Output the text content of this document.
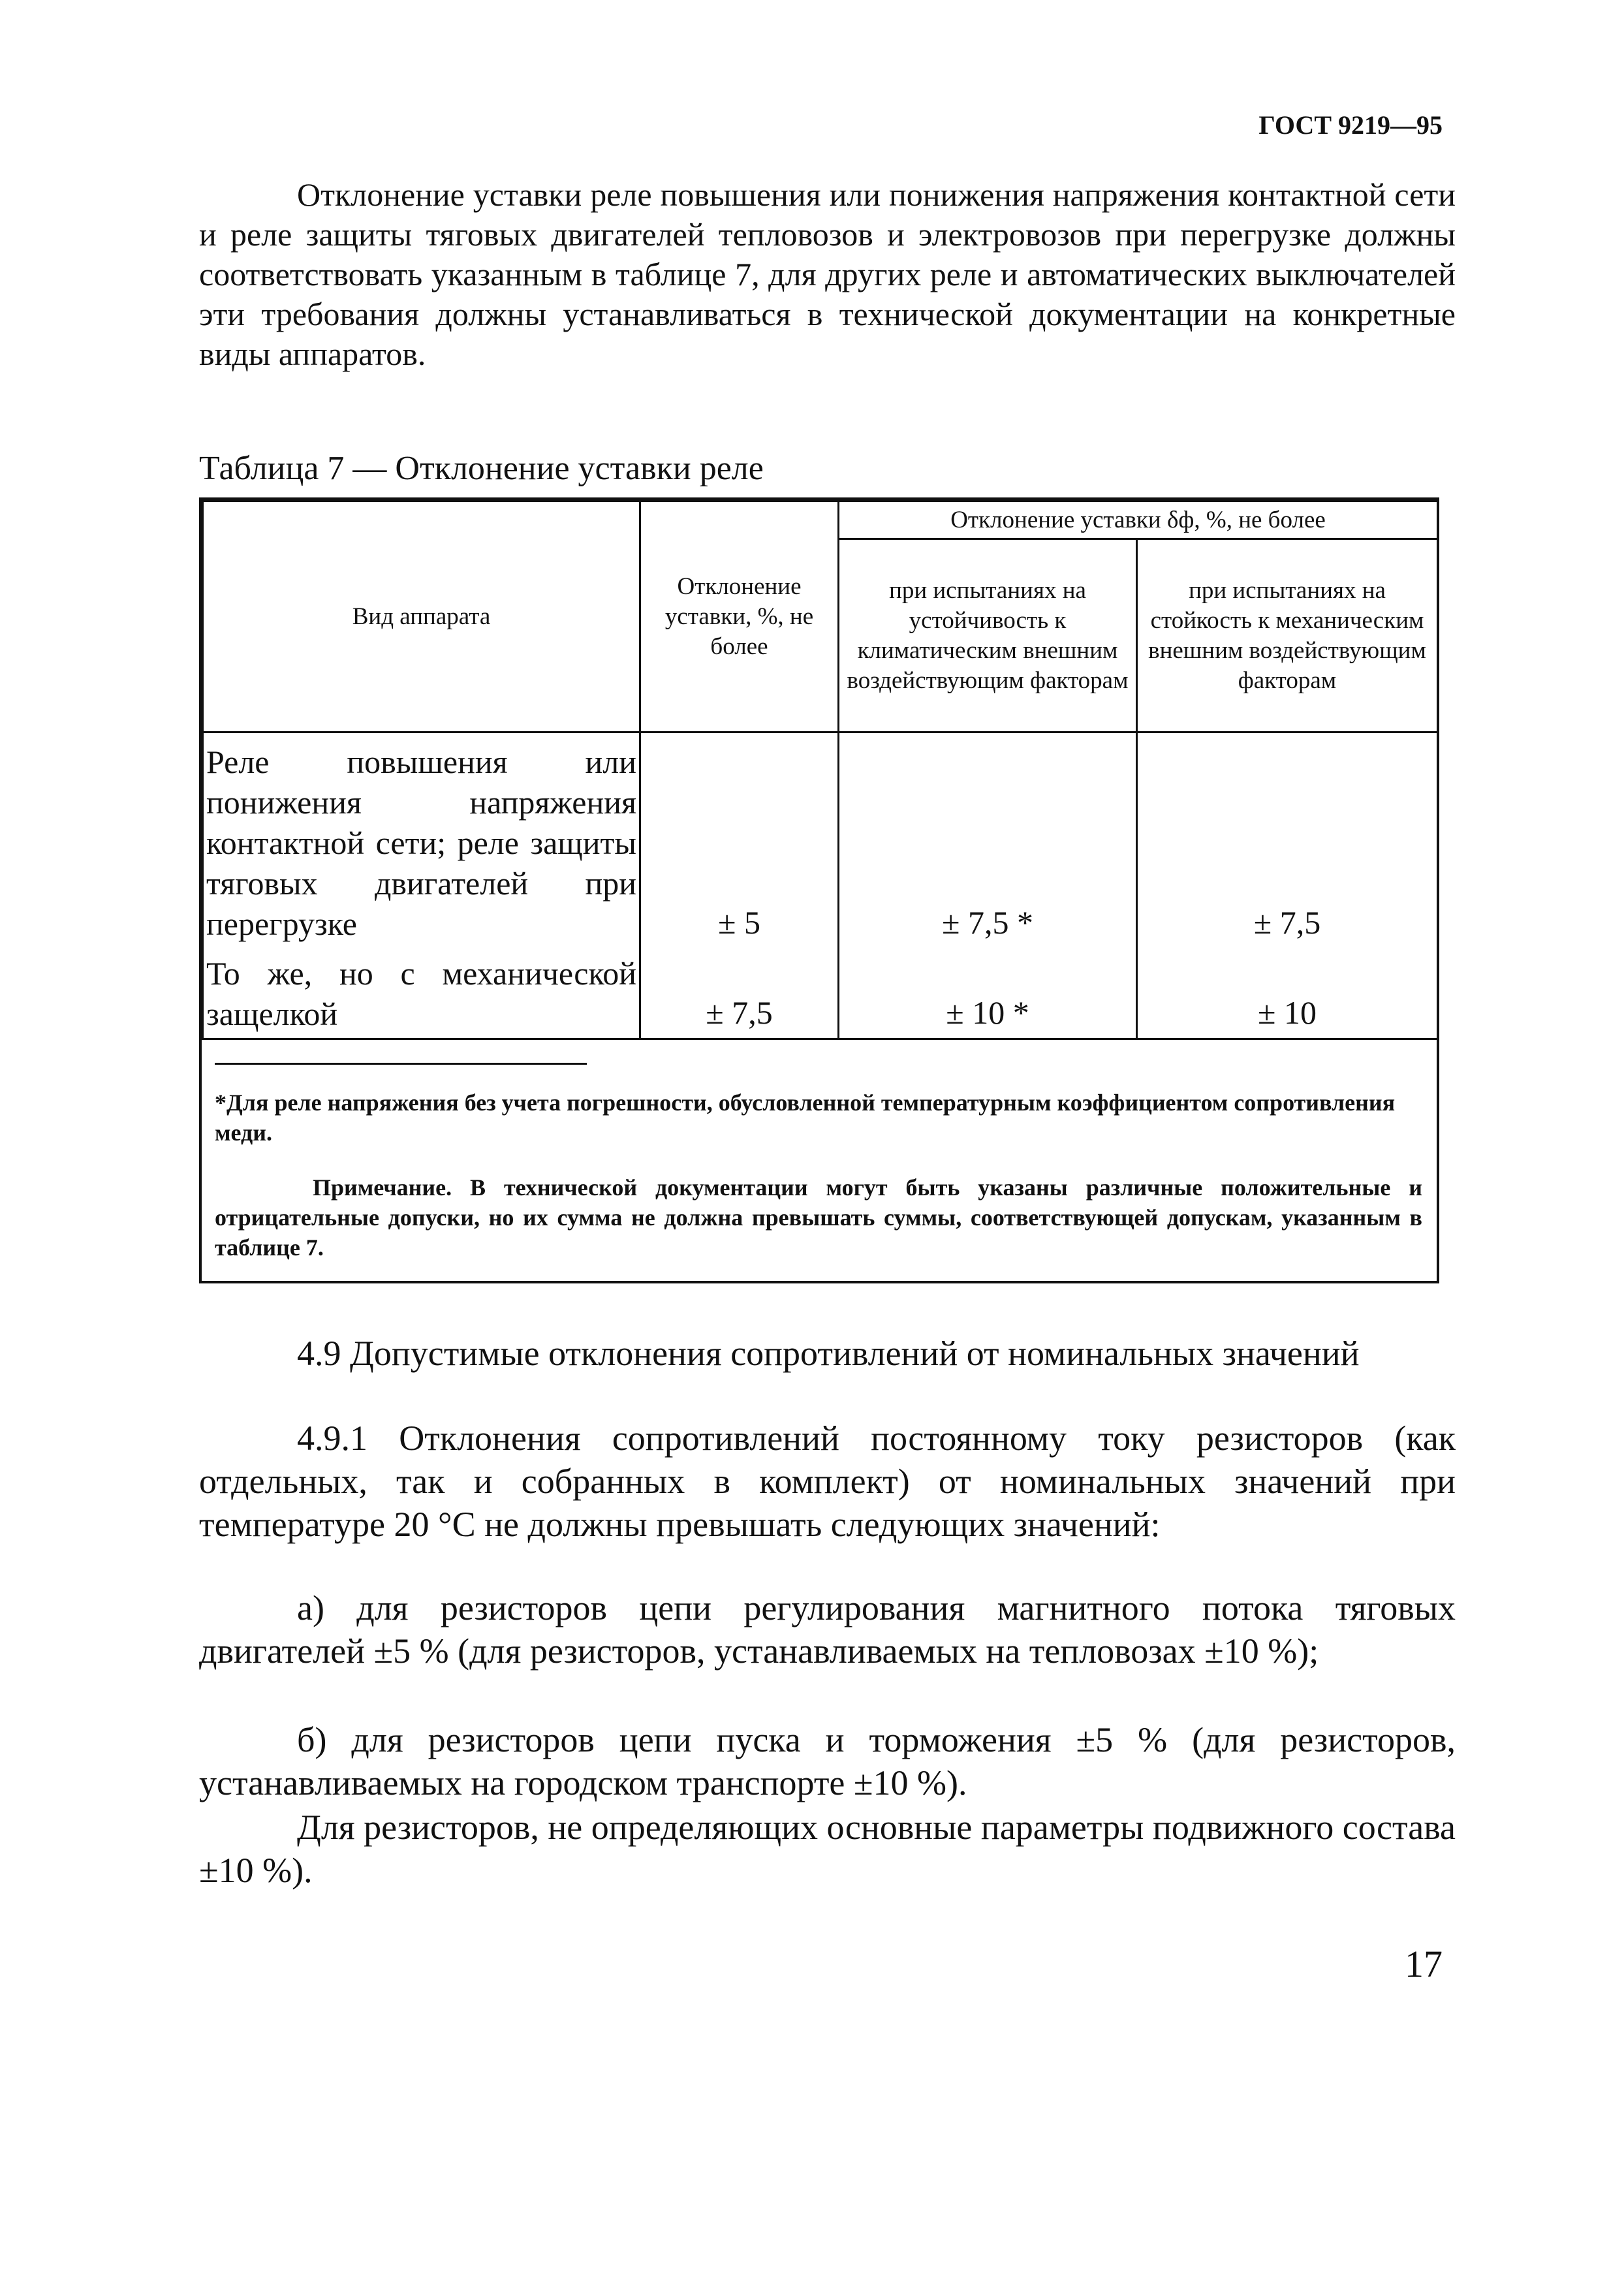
ГОСТ 9219—95

Отклонение уставки реле повышения или понижения напряжения контактной сети и реле защиты тяговых двигателей тепловозов и электровозов при перегрузке должны соответствовать указанным в таблице 7, для других реле и автоматических выключателей эти требования должны устанавливаться в технической документации на конкретные виды аппаратов.

Таблица 7 — Отклонение уставки реле
Вид аппарата	Отклонение уставки, %, не более	Отклонение уставки δф, %, не более	
		при испытаниях на устойчивость к климатическим внешним воздействующим факторам	при испытаниях на стойкость к механическим внешним воздействующим факторам
Реле повышения или понижения напряжения контактной сети; реле защиты тяговых двигателей при перегрузке	± 5	± 7,5 *	± 7,5
То же, но с механической защелкой	± 7,5	± 10 *	± 10

*Для реле напряжения без учета погрешности, обусловленной температурным коэффициентом сопротивления меди.

Примечание. В технической документации могут быть указаны различные положительные и отрицательные допуски, но их сумма не должна превышать суммы, соответствующей допускам, указанным в таблице 7.

4.9 Допустимые отклонения сопротивлений от номинальных значений

4.9.1 Отклонения сопротивлений постоянному току резисторов (как отдельных, так и собранных в комплект) от номинальных значений при температуре 20 °С не должны превышать следующих значений:

а) для резисторов цепи регулирования магнитного потока тяговых двигателей ±5 % (для резисторов, устанавливаемых на тепловозах ±10 %);

б) для резисторов цепи пуска и торможения ±5 % (для резисторов, устанавливаемых на городском транспорте ±10 %).

Для резисторов, не определяющих основные параметры подвижного состава ±10 %).

17
